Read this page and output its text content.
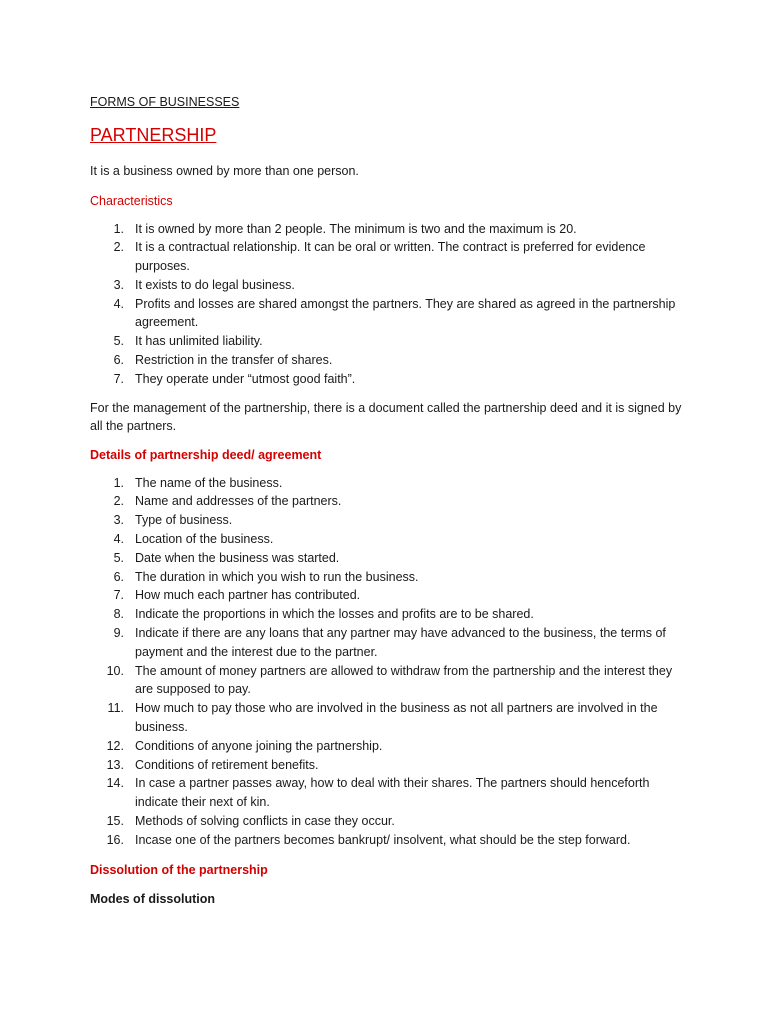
FORMS OF BUSINESSES

PARTNERSHIP

It is a business owned by more than one person.

Characteristics

1. It is owned by more than 2 people. The minimum is two and the maximum is 20.
2. It is a contractual relationship. It can be oral or written. The contract is preferred for evidence purposes.
3. It exists to do legal business.
4. Profits and losses are shared amongst the partners. They are shared as agreed in the partnership agreement.
5. It has unlimited liability.
6. Restriction in the transfer of shares.
7. They operate under “utmost good faith”.

For the management of the partnership, there is a document called the partnership deed and it is signed by all the partners.

Details of partnership deed/ agreement

1. The name of the business.
2. Name and addresses of the partners.
3. Type of business.
4. Location of the business.
5. Date when the business was started.
6. The duration in which you wish to run the business.
7. How much each partner has contributed.
8. Indicate the proportions in which the losses and profits are to be shared.
9. Indicate if there are any loans that any partner may have advanced to the business, the terms of payment and the interest due to the partner.
10. The amount of money partners are allowed to withdraw from the partnership and the interest they are supposed to pay.
11. How much to pay those who are involved in the business as not all partners are involved in the business.
12. Conditions of anyone joining the partnership.
13. Conditions of retirement benefits.
14. In case a partner passes away, how to deal with their shares. The partners should henceforth indicate their next of kin.
15. Methods of solving conflicts in case they occur.
16. Incase one of the partners becomes bankrupt/ insolvent, what should be the step forward.

Dissolution of the partnership

Modes of dissolution
